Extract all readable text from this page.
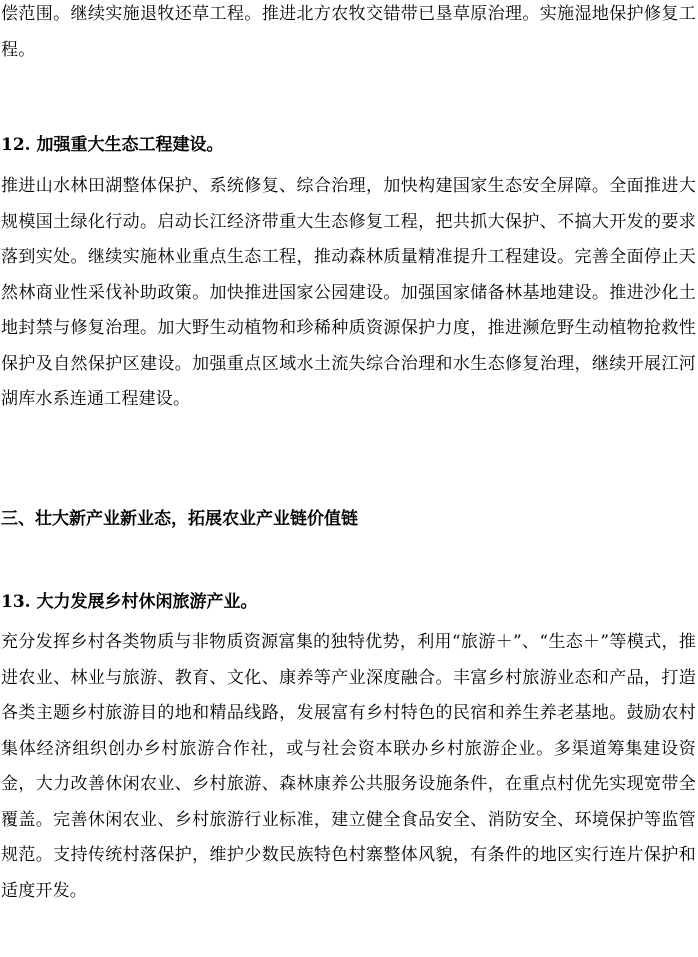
偿范围。继续实施退牧还草工程。推进北方农牧交错带已垦草原治理。实施湿地保护修复工程。

12. 加强重大生态工程建设。

推进山水林田湖整体保护、系统修复、综合治理，加快构建国家生态安全屏障。全面推进大规模国土绿化行动。启动长江经济带重大生态修复工程，把共抓大保护、不搞大开发的要求落到实处。继续实施林业重点生态工程，推动森林质量精准提升工程建设。完善全面停止天然林商业性采伐补助政策。加快推进国家公园建设。加强国家储备林基地建设。推进沙化土地封禁与修复治理。加大野生动植物和珍稀种质资源保护力度，推进濒危野生动植物抢救性保护及自然保护区建设。加强重点区域水土流失综合治理和水生态修复治理，继续开展江河湖库水系连通工程建设。

三、壮大新产业新业态，拓展农业产业链价值链

13. 大力发展乡村休闲旅游产业。

充分发挥乡村各类物质与非物质资源富集的独特优势，利用“旅游＋”、“生态＋”等模式，推进农业、林业与旅游、教育、文化、康养等产业深度融合。丰富乡村旅游业态和产品，打造各类主题乡村旅游目的地和精品线路，发展富有乡村特色的民宿和养生养老基地。鼓励农村集体经济组织创办乡村旅游合作社，或与社会资本联办乡村旅游企业。多渠道筹集建设资金，大力改善休闲农业、乡村旅游、森林康养公共服务设施条件，在重点村优先实现宽带全覆盖。完善休闲农业、乡村旅游行业标准，建立健全食品安全、消防安全、环境保护等监管规范。支持传统村落保护，维护少数民族特色村寨整体风貌，有条件的地区实行连片保护和适度开发。
